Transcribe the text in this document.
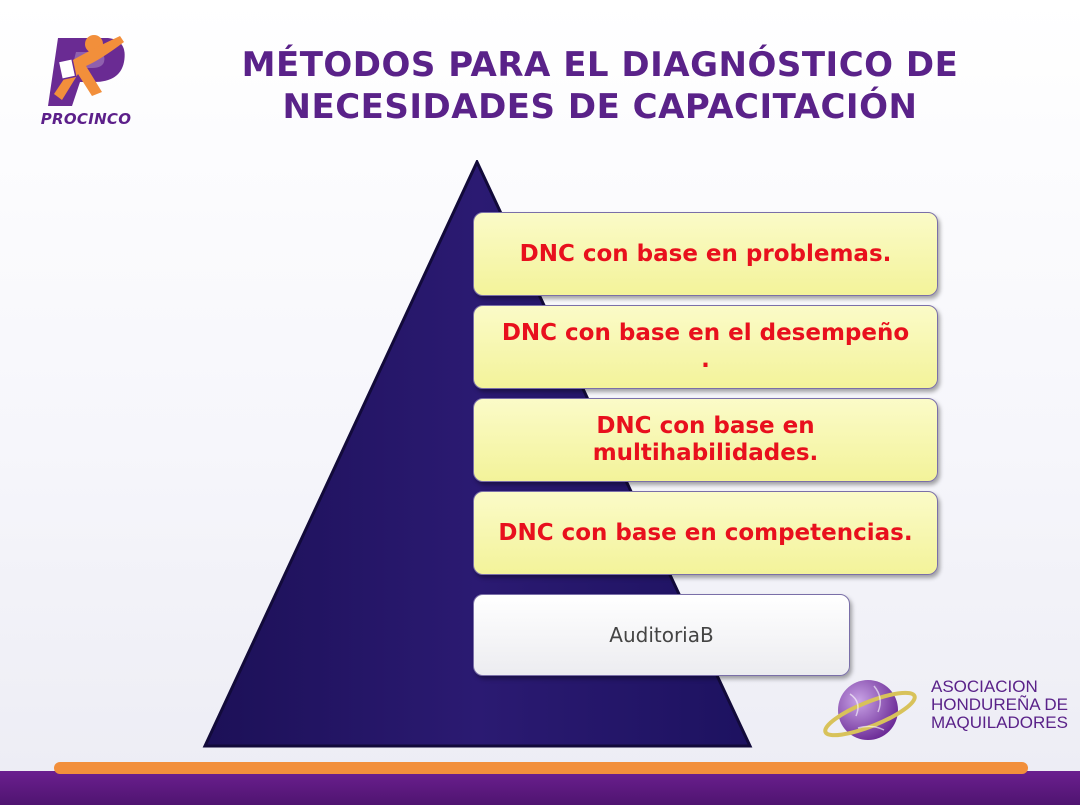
PROCINCO
MÉTODOS PARA EL DIAGNÓSTICO DE
NECESIDADES DE CAPACITACIÓN
DNC con base en problemas.
DNC con base en el desempeño
.
DNC con base en
multihabilidades.
DNC con base en competencias.
AuditoriaB
ASOCIACION
HONDUREÑA DE
MAQUILADORES
